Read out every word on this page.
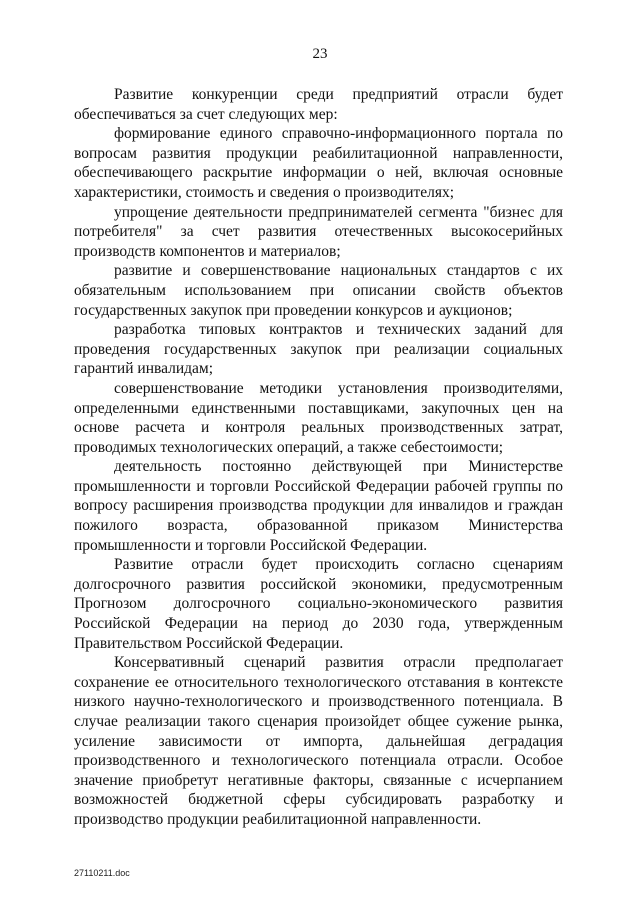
23

Развитие конкуренции среди предприятий отрасли будет обеспечиваться за счет следующих мер:

формирование единого справочно-информационного портала по вопросам развития продукции реабилитационной направленности, обеспечивающего раскрытие информации о ней, включая основные характеристики, стоимость и сведения о производителях;

упрощение деятельности предпринимателей сегмента "бизнес для потребителя" за счет развития отечественных высокосерийных производств компонентов и материалов;

развитие и совершенствование национальных стандартов с их обязательным использованием при описании свойств объектов государственных закупок при проведении конкурсов и аукционов;

разработка типовых контрактов и технических заданий для проведения государственных закупок при реализации социальных гарантий инвалидам;

совершенствование методики установления производителями, определенными единственными поставщиками, закупочных цен на основе расчета и контроля реальных производственных затрат, проводимых технологических операций, а также себестоимости;

деятельность постоянно действующей при Министерстве промышленности и торговли Российской Федерации рабочей группы по вопросу расширения производства продукции для инвалидов и граждан пожилого возраста, образованной приказом Министерства промышленности и торговли Российской Федерации.

Развитие отрасли будет происходить согласно сценариям долгосрочного развития российской экономики, предусмотренным Прогнозом долгосрочного социально-экономического развития Российской Федерации на период до 2030 года, утвержденным Правительством Российской Федерации.

Консервативный сценарий развития отрасли предполагает сохранение ее относительного технологического отставания в контексте низкого научно-технологического и производственного потенциала. В случае реализации такого сценария произойдет общее сужение рынка, усиление зависимости от импорта, дальнейшая деградация производственного и технологического потенциала отрасли. Особое значение приобретут негативные факторы, связанные с исчерпанием возможностей бюджетной сферы субсидировать разработку и производство продукции реабилитационной направленности.

27110211.doc
